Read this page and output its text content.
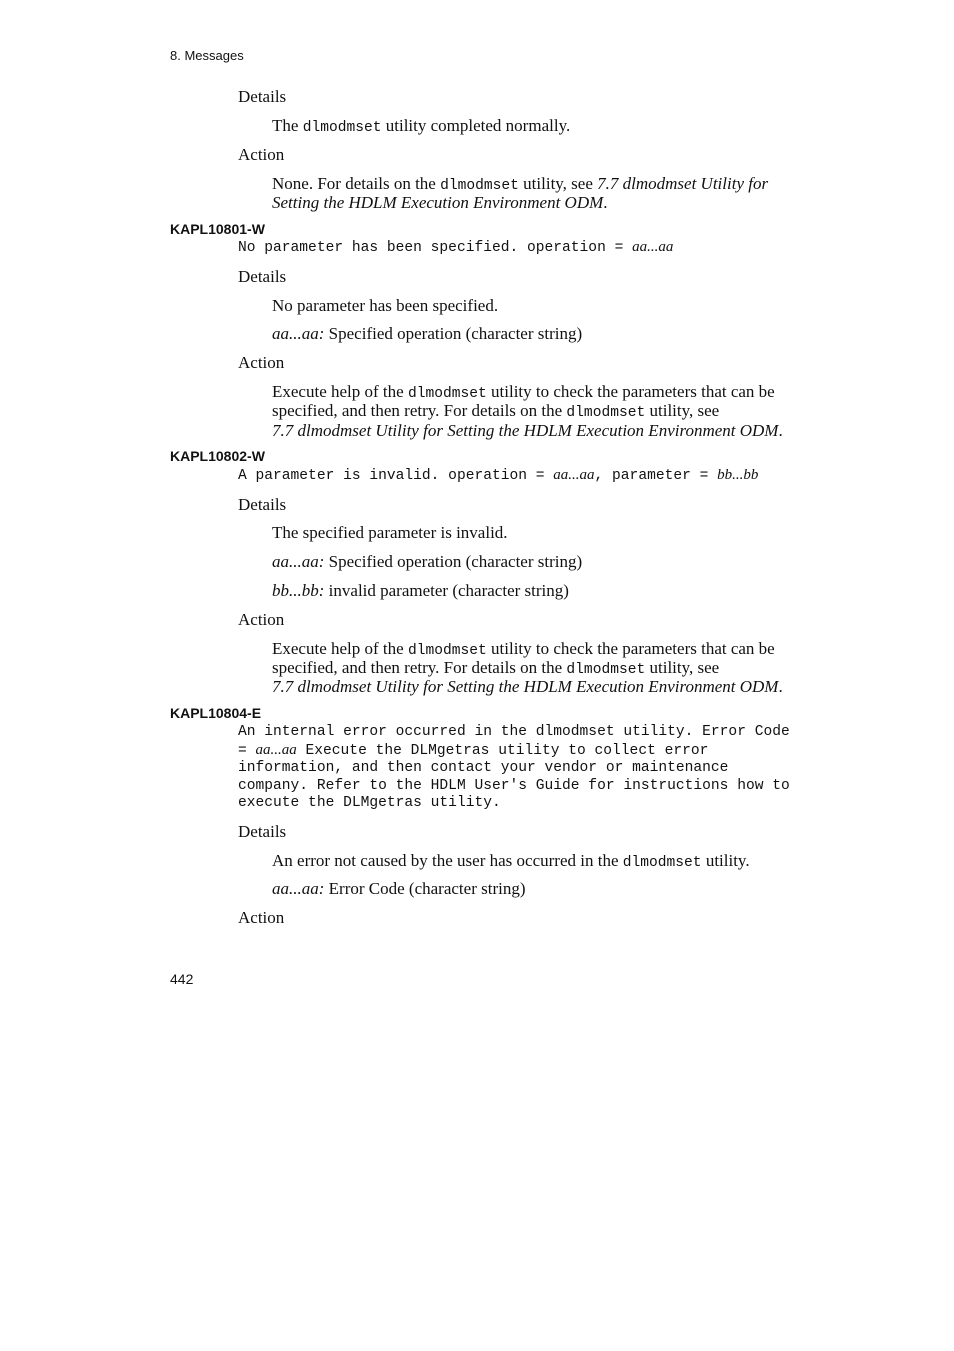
8. Messages
Details
The dlmodmset utility completed normally.
Action
None. For details on the dlmodmset utility, see 7.7 dlmodmset Utility for
Setting the HDLM Execution Environment ODM.
KAPL10801-W
No parameter has been specified. operation = aa...aa
Details
No parameter has been specified.
aa...aa: Specified operation (character string)
Action
Execute help of the dlmodmset utility to check the parameters that can be
specified, and then retry. For details on the dlmodmset utility, see
7.7 dlmodmset Utility for Setting the HDLM Execution Environment ODM.
KAPL10802-W
A parameter is invalid. operation = aa...aa, parameter = bb...bb
Details
The specified parameter is invalid.
aa...aa: Specified operation (character string)
bb...bb: invalid parameter (character string)
Action
Execute help of the dlmodmset utility to check the parameters that can be
specified, and then retry. For details on the dlmodmset utility, see
7.7 dlmodmset Utility for Setting the HDLM Execution Environment ODM.
KAPL10804-E
An internal error occurred in the dlmodmset utility. Error Code
= aa...aa Execute the DLMgetras utility to collect error
information, and then contact your vendor or maintenance
company. Refer to the HDLM User's Guide for instructions how to
execute the DLMgetras utility.
Details
An error not caused by the user has occurred in the dlmodmset utility.
aa...aa: Error Code (character string)
Action
442
